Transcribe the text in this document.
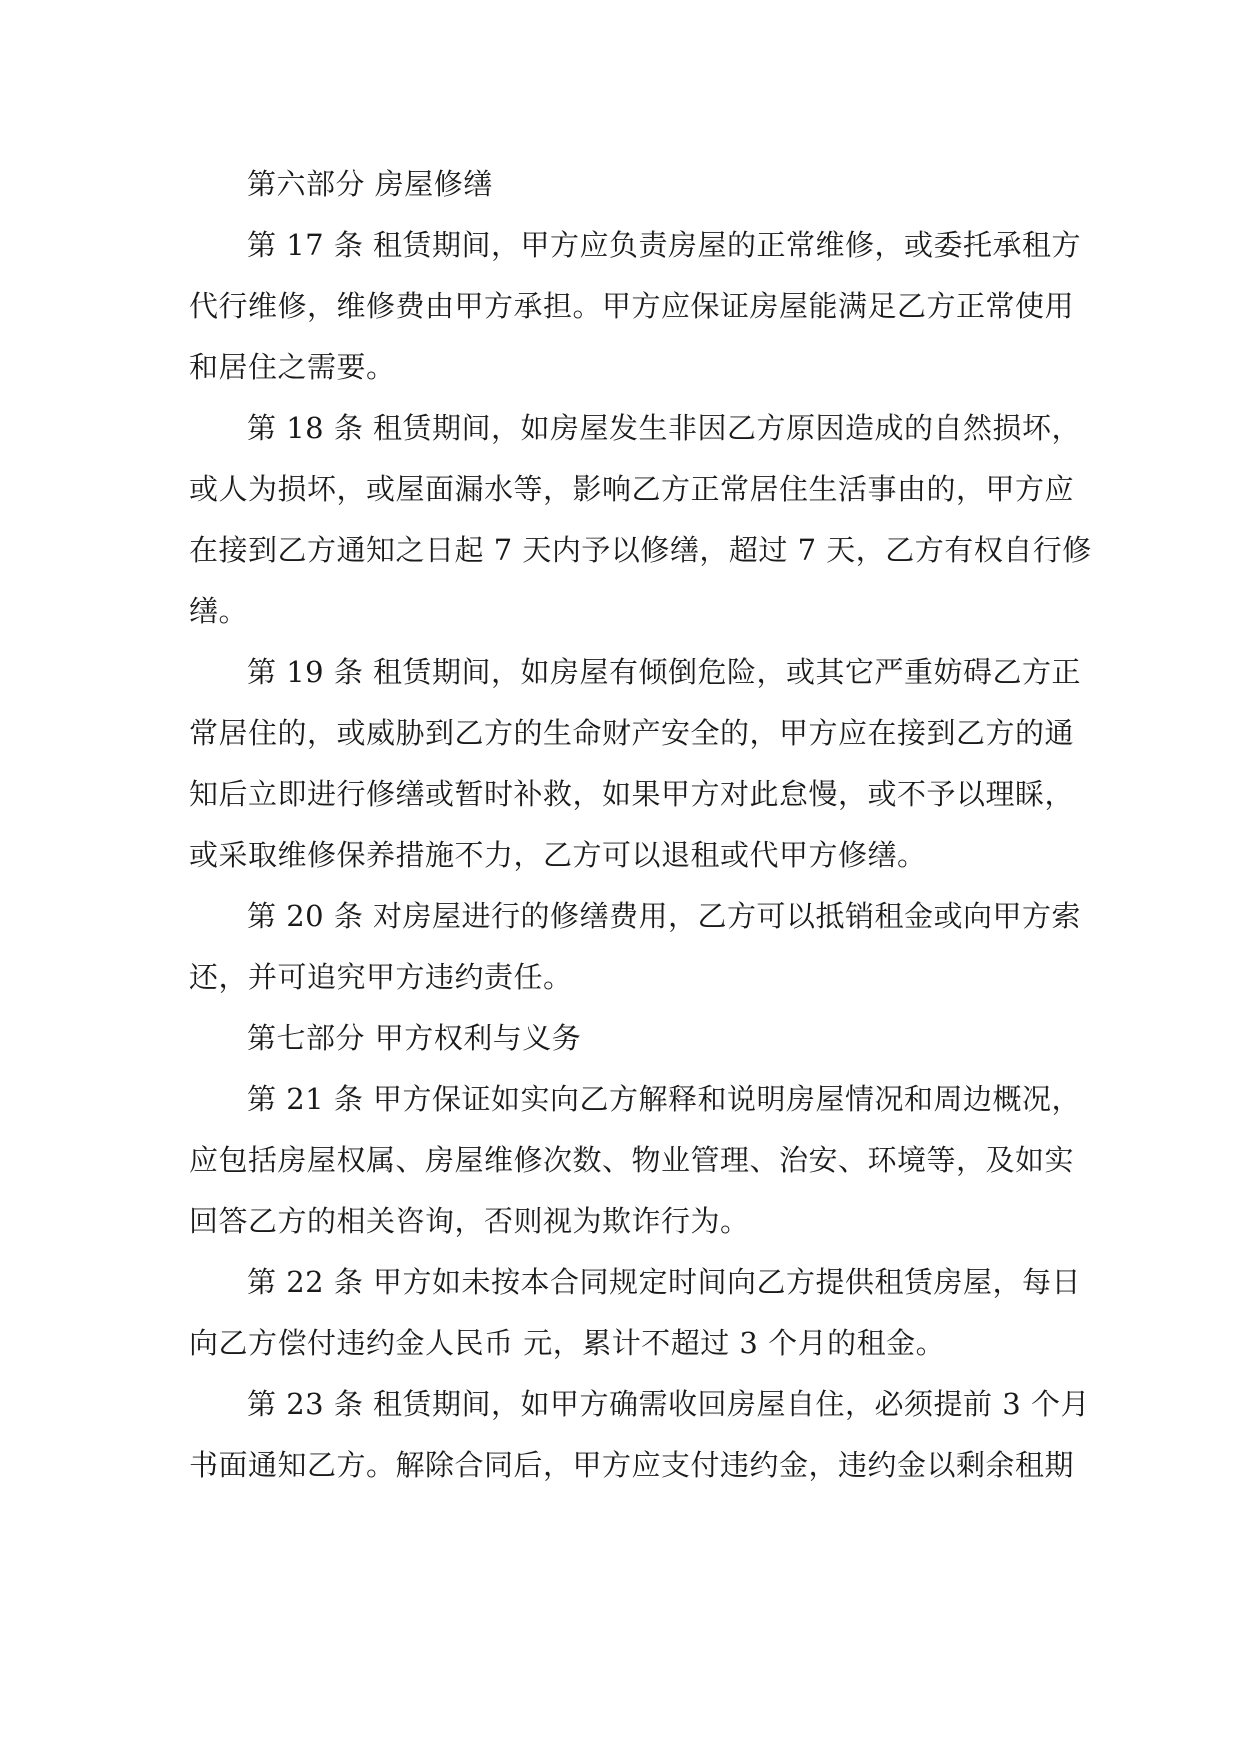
第六部分 房屋修缮
第 17 条 租赁期间，甲方应负责房屋的正常维修，或委托承租方
代行维修，维修费由甲方承担。甲方应保证房屋能满足乙方正常使用
和居住之需要。
第 18 条 租赁期间，如房屋发生非因乙方原因造成的自然损坏，
或人为损坏，或屋面漏水等，影响乙方正常居住生活事由的，甲方应
在接到乙方通知之日起 7 天内予以修缮，超过 7 天，乙方有权自行修
缮。
第 19 条 租赁期间，如房屋有倾倒危险，或其它严重妨碍乙方正
常居住的，或威胁到乙方的生命财产安全的，甲方应在接到乙方的通
知后立即进行修缮或暂时补救，如果甲方对此怠慢，或不予以理睬，
或采取维修保养措施不力，乙方可以退租或代甲方修缮。
第 20 条 对房屋进行的修缮费用，乙方可以抵销租金或向甲方索
还，并可追究甲方违约责任。
第七部分 甲方权利与义务
第 21 条 甲方保证如实向乙方解释和说明房屋情况和周边概况，
应包括房屋权属、房屋维修次数、物业管理、治安、环境等，及如实
回答乙方的相关咨询，否则视为欺诈行为。
第 22 条 甲方如未按本合同规定时间向乙方提供租赁房屋，每日
向乙方偿付违约金人民币 元，累计不超过 3 个月的租金。
第 23 条 租赁期间，如甲方确需收回房屋自住，必须提前 3 个月
书面通知乙方。解除合同后，甲方应支付违约金，违约金以剩余租期
